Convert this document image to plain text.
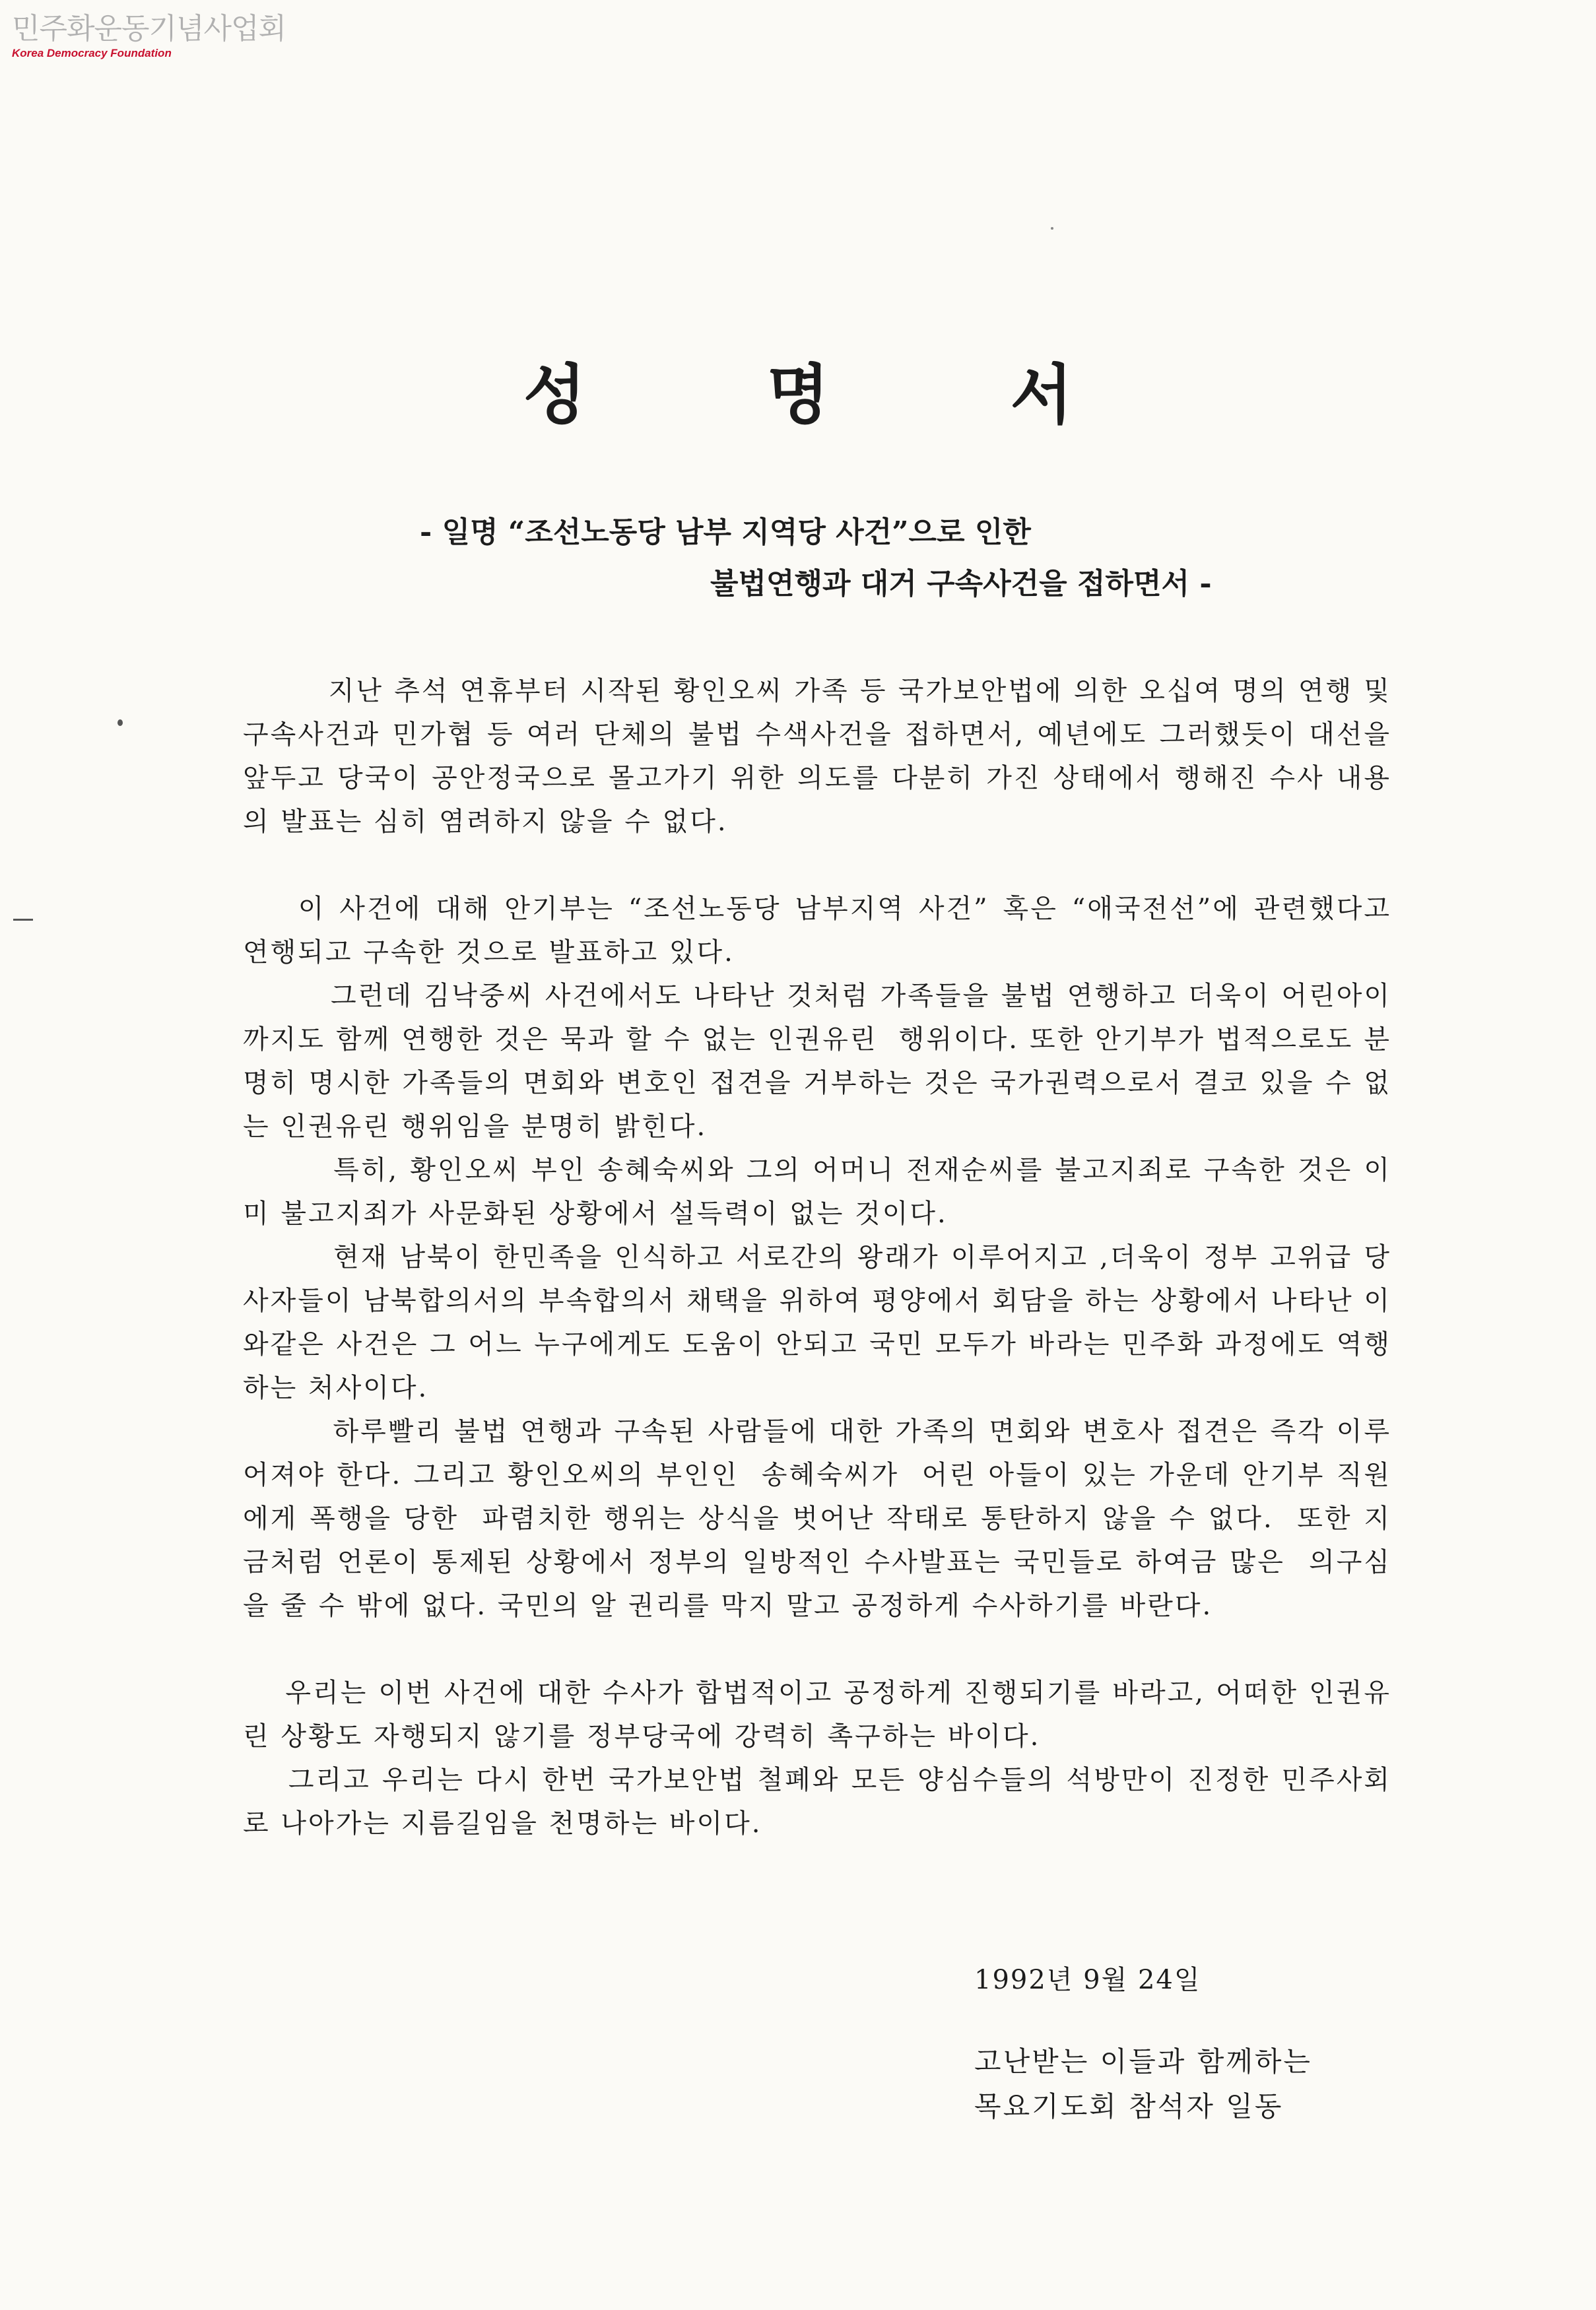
민주화운동기념사업회
Korea Democracy Foundation
성 명 서
- 일명 “조선노동당 남부 지역당 사건”으로 인한
불법연행과 대거 구속사건을 접하면서 -

지난 추석 연휴부터 시작된 황인오씨 가족 등 국가보안법에 의한 오십여 명의 연행 및 구속사건과 민가협 등 여러 단체의 불법 수색사건을 접하면서, 예년에도 그러했듯이 대선을 앞두고 당국이 공안정국으로 몰고가기 위한 의도를 다분히 가진 상태에서 행해진 수사 내용의 발표는 심히 염려하지 않을 수 없다.

이 사건에 대해 안기부는 “조선노동당 남부지역 사건” 혹은 “애국전선”에 관련했다고  연행되고 구속한 것으로 발표하고 있다.

그런데 김낙중씨 사건에서도 나타난 것처럼 가족들을 불법 연행하고 더욱이 어린아이까지도 함께 연행한 것은 묵과 할 수 없는 인권유린  행위이다. 또한 안기부가 법적으로도 분명히 명시한 가족들의 면회와 변호인 접견을 거부하는 것은 국가권력으로서 결코 있을 수 없는 인권유린 행위임을 분명히 밝힌다.

특히, 황인오씨 부인 송혜숙씨와 그의 어머니 전재순씨를 불고지죄로 구속한 것은 이미 불고지죄가 사문화된 상황에서 설득력이 없는 것이다.

현재 남북이 한민족을 인식하고 서로간의 왕래가 이루어지고 ,더욱이 정부 고위급 당사자들이 남북합의서의 부속합의서 채택을 위하여 평양에서 회담을 하는 상황에서 나타난 이와같은 사건은 그 어느 누구에게도 도움이 안되고 국민 모두가 바라는 민주화 과정에도 역행하는 처사이다.

하루빨리 불법 연행과 구속된 사람들에 대한 가족의 면회와 변호사 접견은 즉각 이루어져야 한다. 그리고 황인오씨의 부인인  송혜숙씨가  어린 아들이 있는 가운데 안기부 직원에게 폭행을 당한  파렴치한 행위는 상식을 벗어난 작태로 통탄하지 않을 수 없다.  또한 지금처럼 언론이 통제된 상황에서 정부의 일방적인 수사발표는 국민들로 하여금 많은  의구심을 줄 수 밖에 없다. 국민의 알 권리를 막지 말고 공정하게 수사하기를 바란다.

우리는 이번 사건에 대한 수사가 합법적이고 공정하게 진행되기를 바라고, 어떠한 인권유린 상황도 자행되지 않기를 정부당국에 강력히 촉구하는 바이다.

그리고 우리는 다시 한번 국가보안법 철폐와 모든 양심수들의 석방만이 진정한 민주사회로 나아가는 지름길임을 천명하는 바이다.

1992년 9월 24일
고난받는 이들과 함께하는
목요기도회 참석자 일동
